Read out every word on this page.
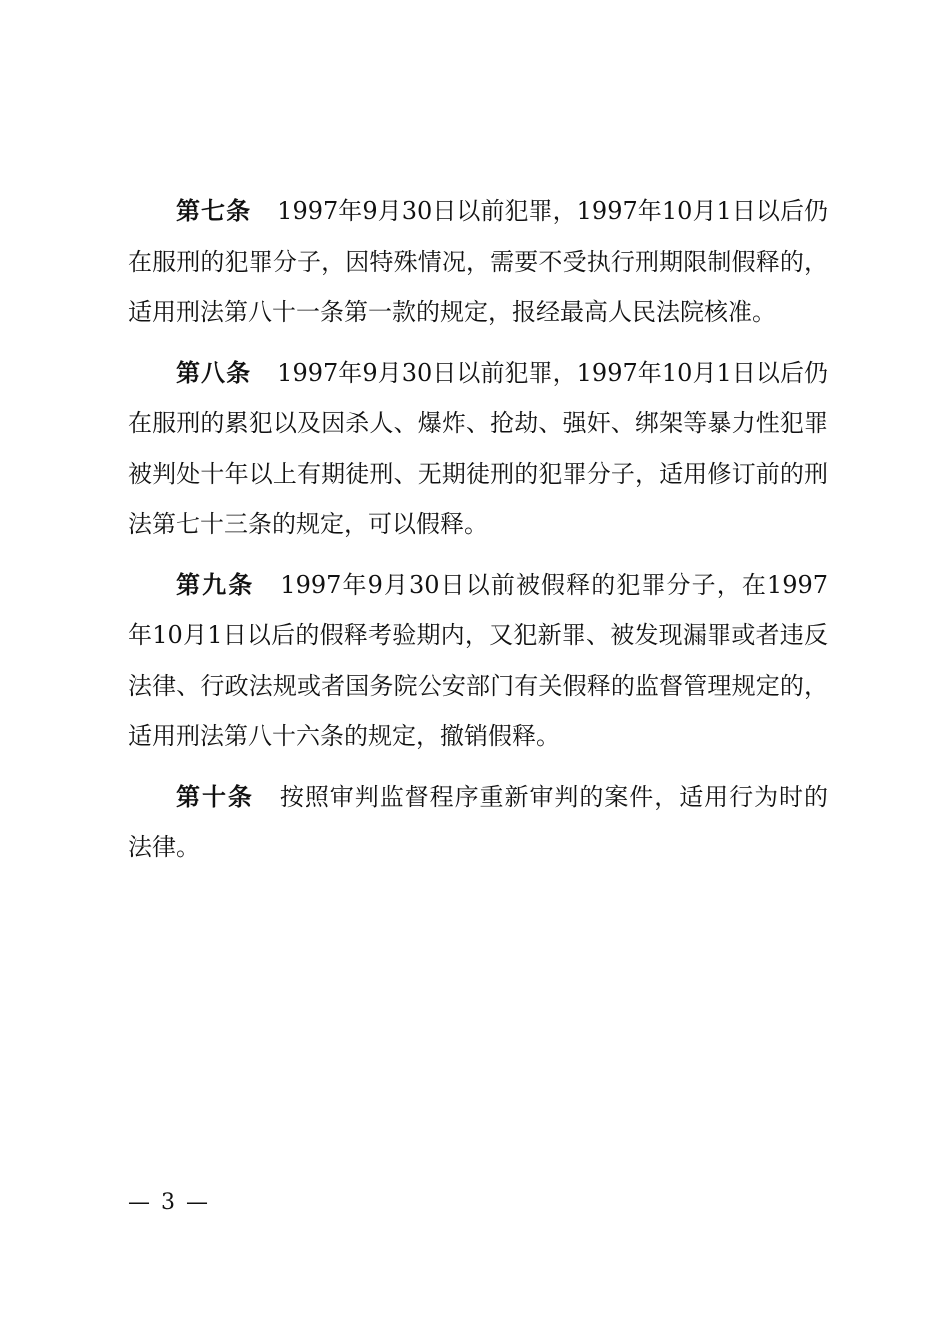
第七条 1997年9月30日以前犯罪，1997年10月1日以后仍在服刑的犯罪分子，因特殊情况，需要不受执行刑期限制假释的，适用刑法第八十一条第一款的规定，报经最高人民法院核准。

第八条 1997年9月30日以前犯罪，1997年10月1日以后仍在服刑的累犯以及因杀人、爆炸、抢劫、强奸、绑架等暴力性犯罪被判处十年以上有期徒刑、无期徒刑的犯罪分子，适用修订前的刑法第七十三条的规定，可以假释。

第九条 1997年9月30日以前被假释的犯罪分子，在1997年10月1日以后的假释考验期内，又犯新罪、被发现漏罪或者违反法律、行政法规或者国务院公安部门有关假释的监督管理规定的，适用刑法第八十六条的规定，撤销假释。

第十条 按照审判监督程序重新审判的案件，适用行为时的法律。

— 3 —
